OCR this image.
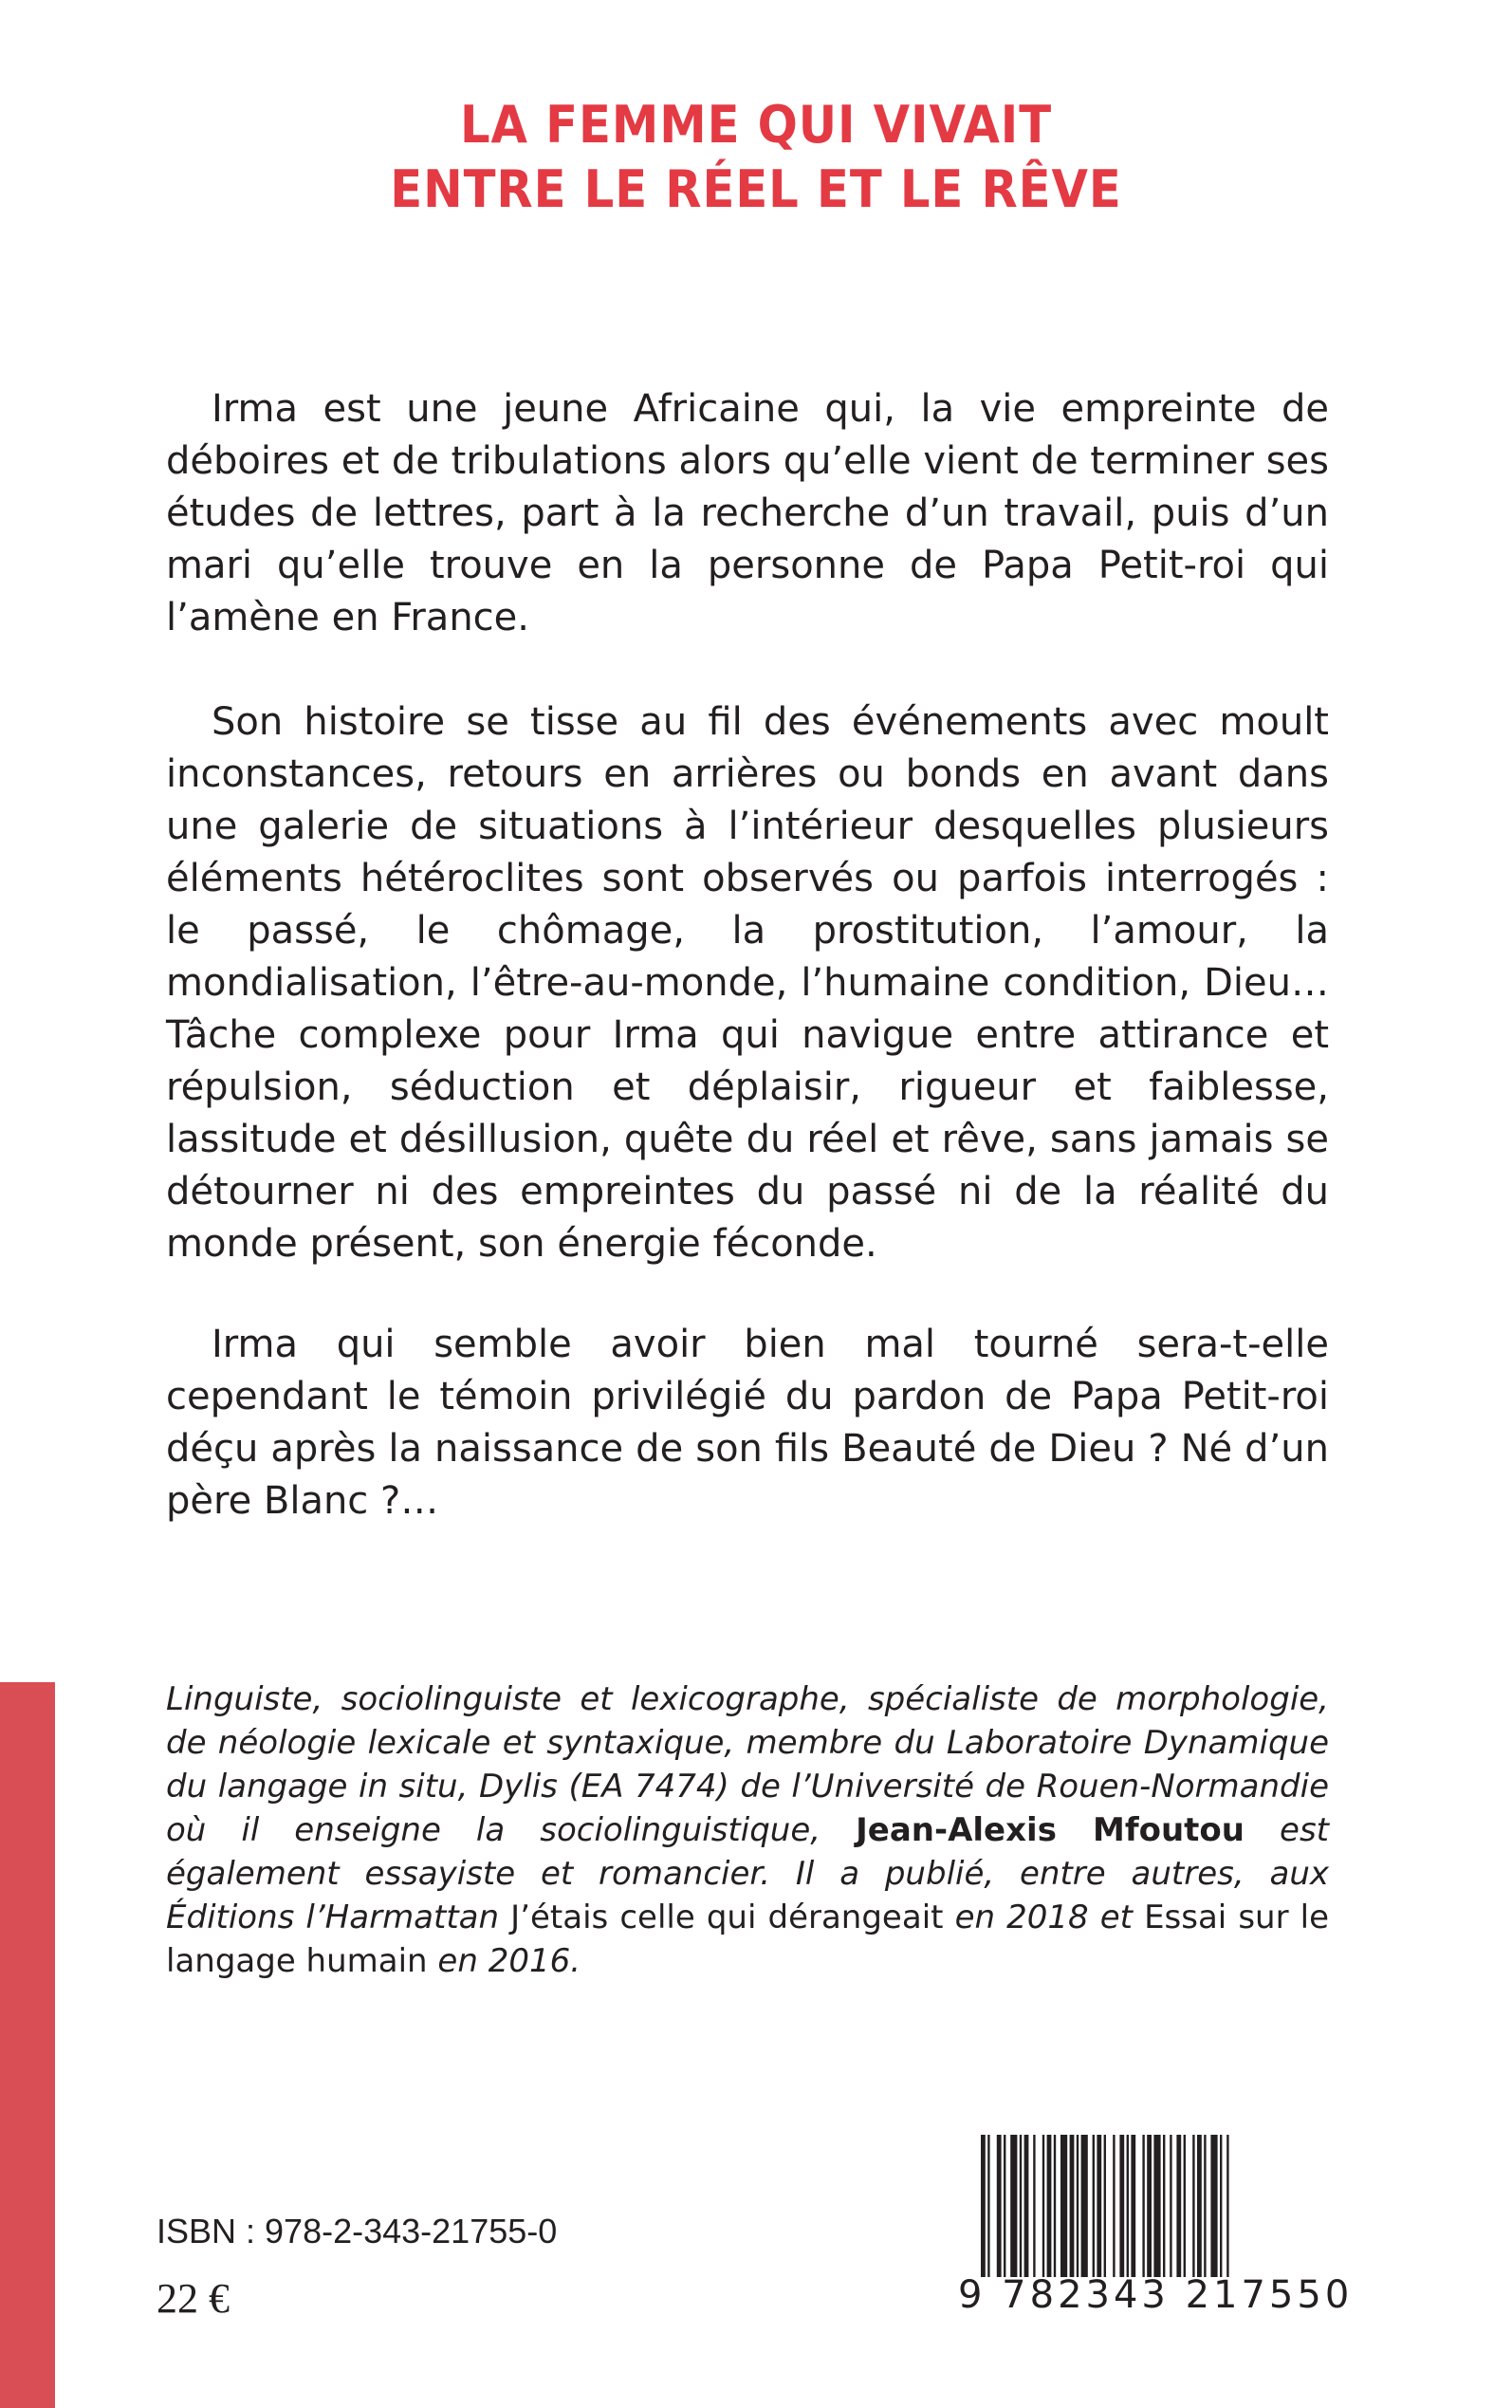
LA FEMME QUI VIVAIT
ENTRE LE RÉEL ET LE RÊVE

Irma est une jeune Africaine qui, la vie empreinte de déboires et de tribulations alors qu’elle vient de terminer ses études de lettres, part à la recherche d’un travail, puis d’un mari qu’elle trouve en la personne de Papa Petit-roi qui l’amène en France.

Son histoire se tisse au fil des événements avec moult inconstances, retours en arrières ou bonds en avant dans une galerie de situations à l’intérieur desquelles plusieurs éléments hétéroclites sont observés ou parfois interrogés : le passé, le chômage, la prostitution, l’amour, la mondialisation, l’être-au-monde, l’humaine condition, Dieu… Tâche complexe pour Irma qui navigue entre attirance et répulsion, séduction et déplaisir, rigueur et faiblesse, lassitude et désillusion, quête du réel et rêve, sans jamais se détourner ni des empreintes du passé ni de la réalité du monde présent, son énergie féconde.

Irma qui semble avoir bien mal tourné sera-t-elle cependant le témoin privilégié du pardon de Papa Petit-roi déçu après la naissance de son fils Beauté de Dieu ? Né d’un père Blanc ?…

Linguiste, sociolinguiste et lexicographe, spécialiste de morphologie, de néologie lexicale et syntaxique, membre du Laboratoire Dynamique du langage in situ, Dylis (EA 7474) de l’Université de Rouen-Normandie où il enseigne la sociolinguistique, Jean-Alexis Mfoutou est également essayiste et romancier. Il a publié, entre autres, aux Éditions l’Harmattan J’étais celle qui dérangeait en 2018 et Essai sur le langage humain en 2016.
ISBN : 978-2-343-21755-0
22 €	9 782343 217550
